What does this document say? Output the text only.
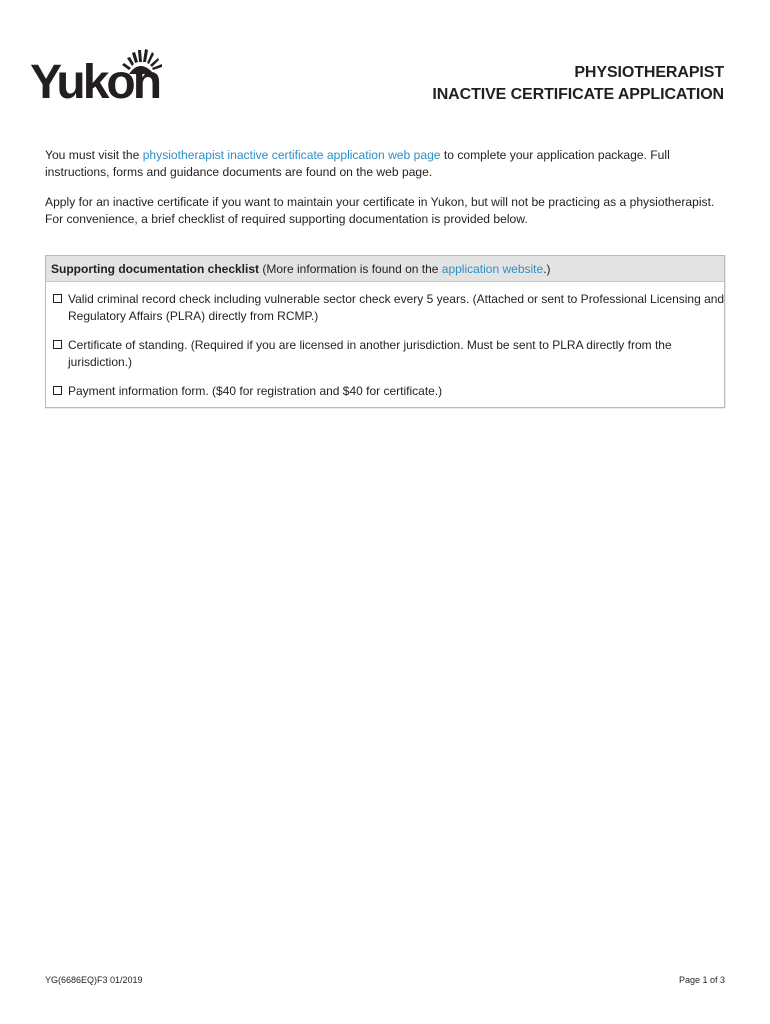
Yukon	PHYSIOTHERAPIST
INACTIVE CERTIFICATE APPLICATION
You must visit the physiotherapist inactive certificate application web page to complete your application package. Full instructions, forms and guidance documents are found on the web page.
Apply for an inactive certificate if you want to maintain your certificate in Yukon, but will not be practicing as a physiotherapist. For convenience, a brief checklist of required supporting documentation is provided below.
Supporting documentation checklist (More information is found on the application website.)
Valid criminal record check including vulnerable sector check every 5 years. (Attached or sent to Professional Licensing and Regulatory Affairs (PLRA) directly from RCMP.)
Certificate of standing. (Required if you are licensed in another jurisdiction. Must be sent to PLRA directly from the jurisdiction.)
Payment information form. ($40 for registration and $40 for certificate.)
YG(6686EQ)F3 01/2019	Page 1 of 3
